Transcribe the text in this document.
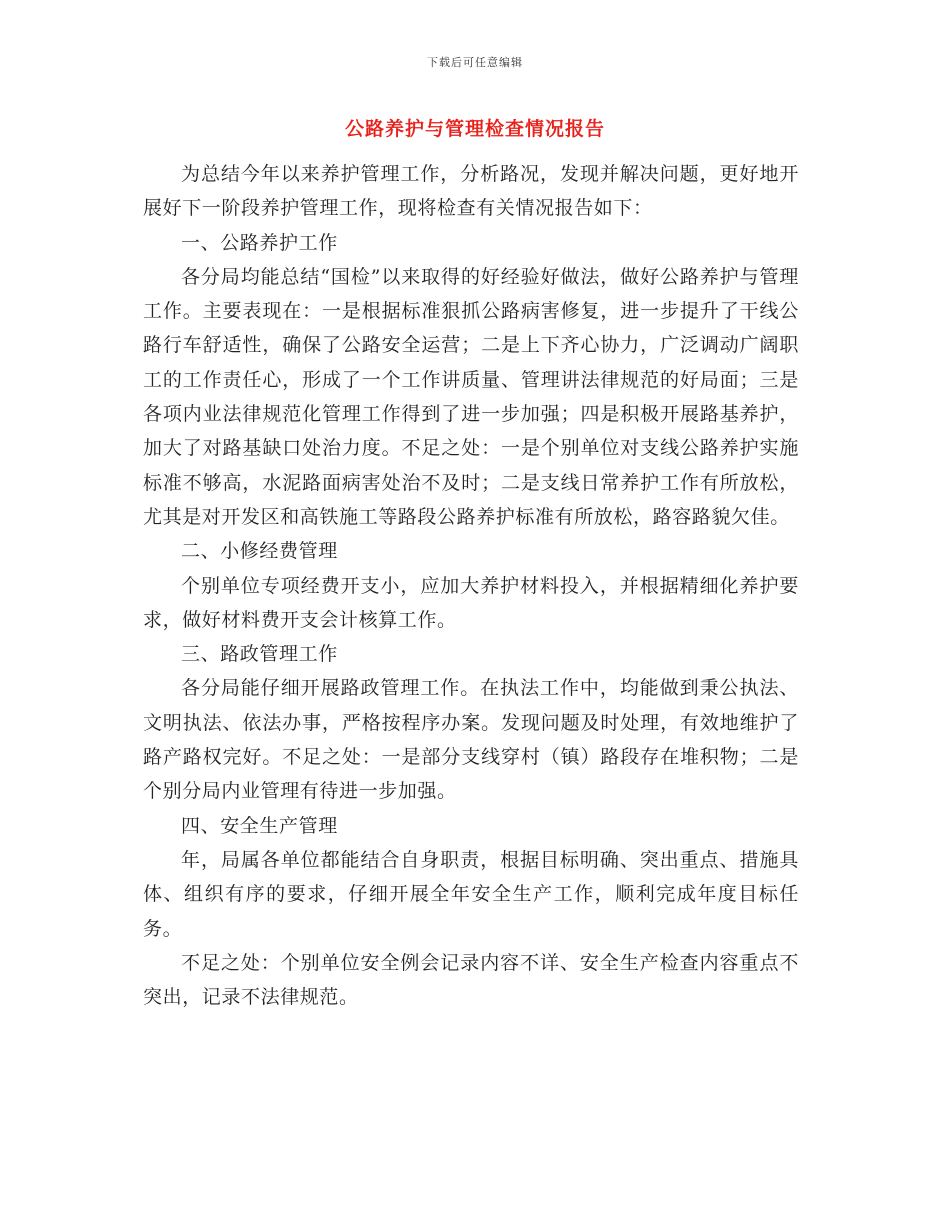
下载后可任意编辑
公路养护与管理检查情况报告

为总结今年以来养护管理工作，分析路况，发现并解决问题，更好地开展好下一阶段养护管理工作，现将检查有关情况报告如下：

一、公路养护工作

各分局均能总结“国检”以来取得的好经验好做法，做好公路养护与管理工作。主要表现在：一是根据标准狠抓公路病害修复，进一步提升了干线公路行车舒适性，确保了公路安全运营；二是上下齐心协力，广泛调动广阔职工的工作责任心，形成了一个工作讲质量、管理讲法律规范的好局面；三是各项内业法律规范化管理工作得到了进一步加强；四是积极开展路基养护，加大了对路基缺口处治力度。不足之处：一是个别单位对支线公路养护实施标准不够高，水泥路面病害处治不及时；二是支线日常养护工作有所放松，尤其是对开发区和高铁施工等路段公路养护标准有所放松，路容路貌欠佳。

二、小修经费管理

个别单位专项经费开支小，应加大养护材料投入，并根据精细化养护要求，做好材料费开支会计核算工作。

三、路政管理工作

各分局能仔细开展路政管理工作。在执法工作中，均能做到秉公执法、文明执法、依法办事，严格按程序办案。发现问题及时处理，有效地维护了路产路权完好。不足之处：一是部分支线穿村（镇）路段存在堆积物；二是个别分局内业管理有待进一步加强。

四、安全生产管理

年，局属各单位都能结合自身职责，根据目标明确、突出重点、措施具体、组织有序的要求，仔细开展全年安全生产工作，顺利完成年度目标任务。

不足之处：个别单位安全例会记录内容不详、安全生产检查内容重点不突出，记录不法律规范。
